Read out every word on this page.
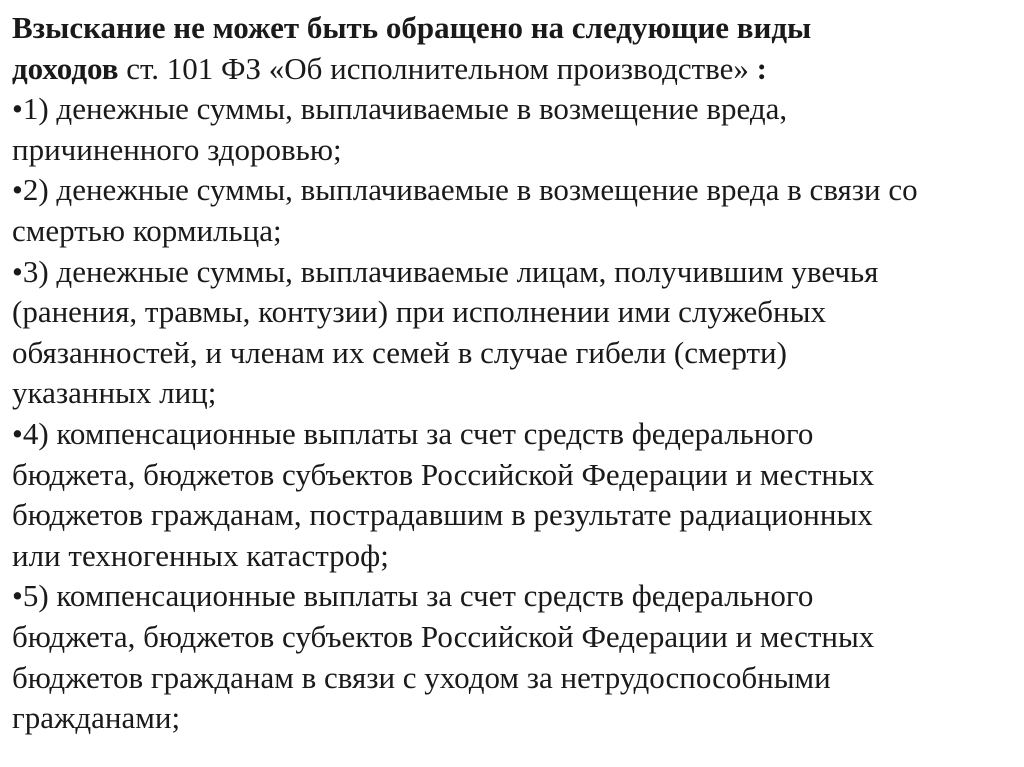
Взыскание не может быть обращено на следующие виды
доходов ст. 101 ФЗ «Об исполнительном производстве» :
•1) денежные суммы, выплачиваемые в возмещение вреда,
причиненного здоровью;
•2) денежные суммы, выплачиваемые в возмещение вреда в связи со
смертью кормильца;
•3) денежные суммы, выплачиваемые лицам, получившим увечья
(ранения, травмы, контузии) при исполнении ими служебных
обязанностей, и членам их семей в случае гибели (смерти)
указанных лиц;
•4) компенсационные выплаты за счет средств федерального
бюджета, бюджетов субъектов Российской Федерации и местных
бюджетов гражданам, пострадавшим в результате радиационных
или техногенных катастроф;
•5) компенсационные выплаты за счет средств федерального
бюджета, бюджетов субъектов Российской Федерации и местных
бюджетов гражданам в связи с уходом за нетрудоспособными
гражданами;
